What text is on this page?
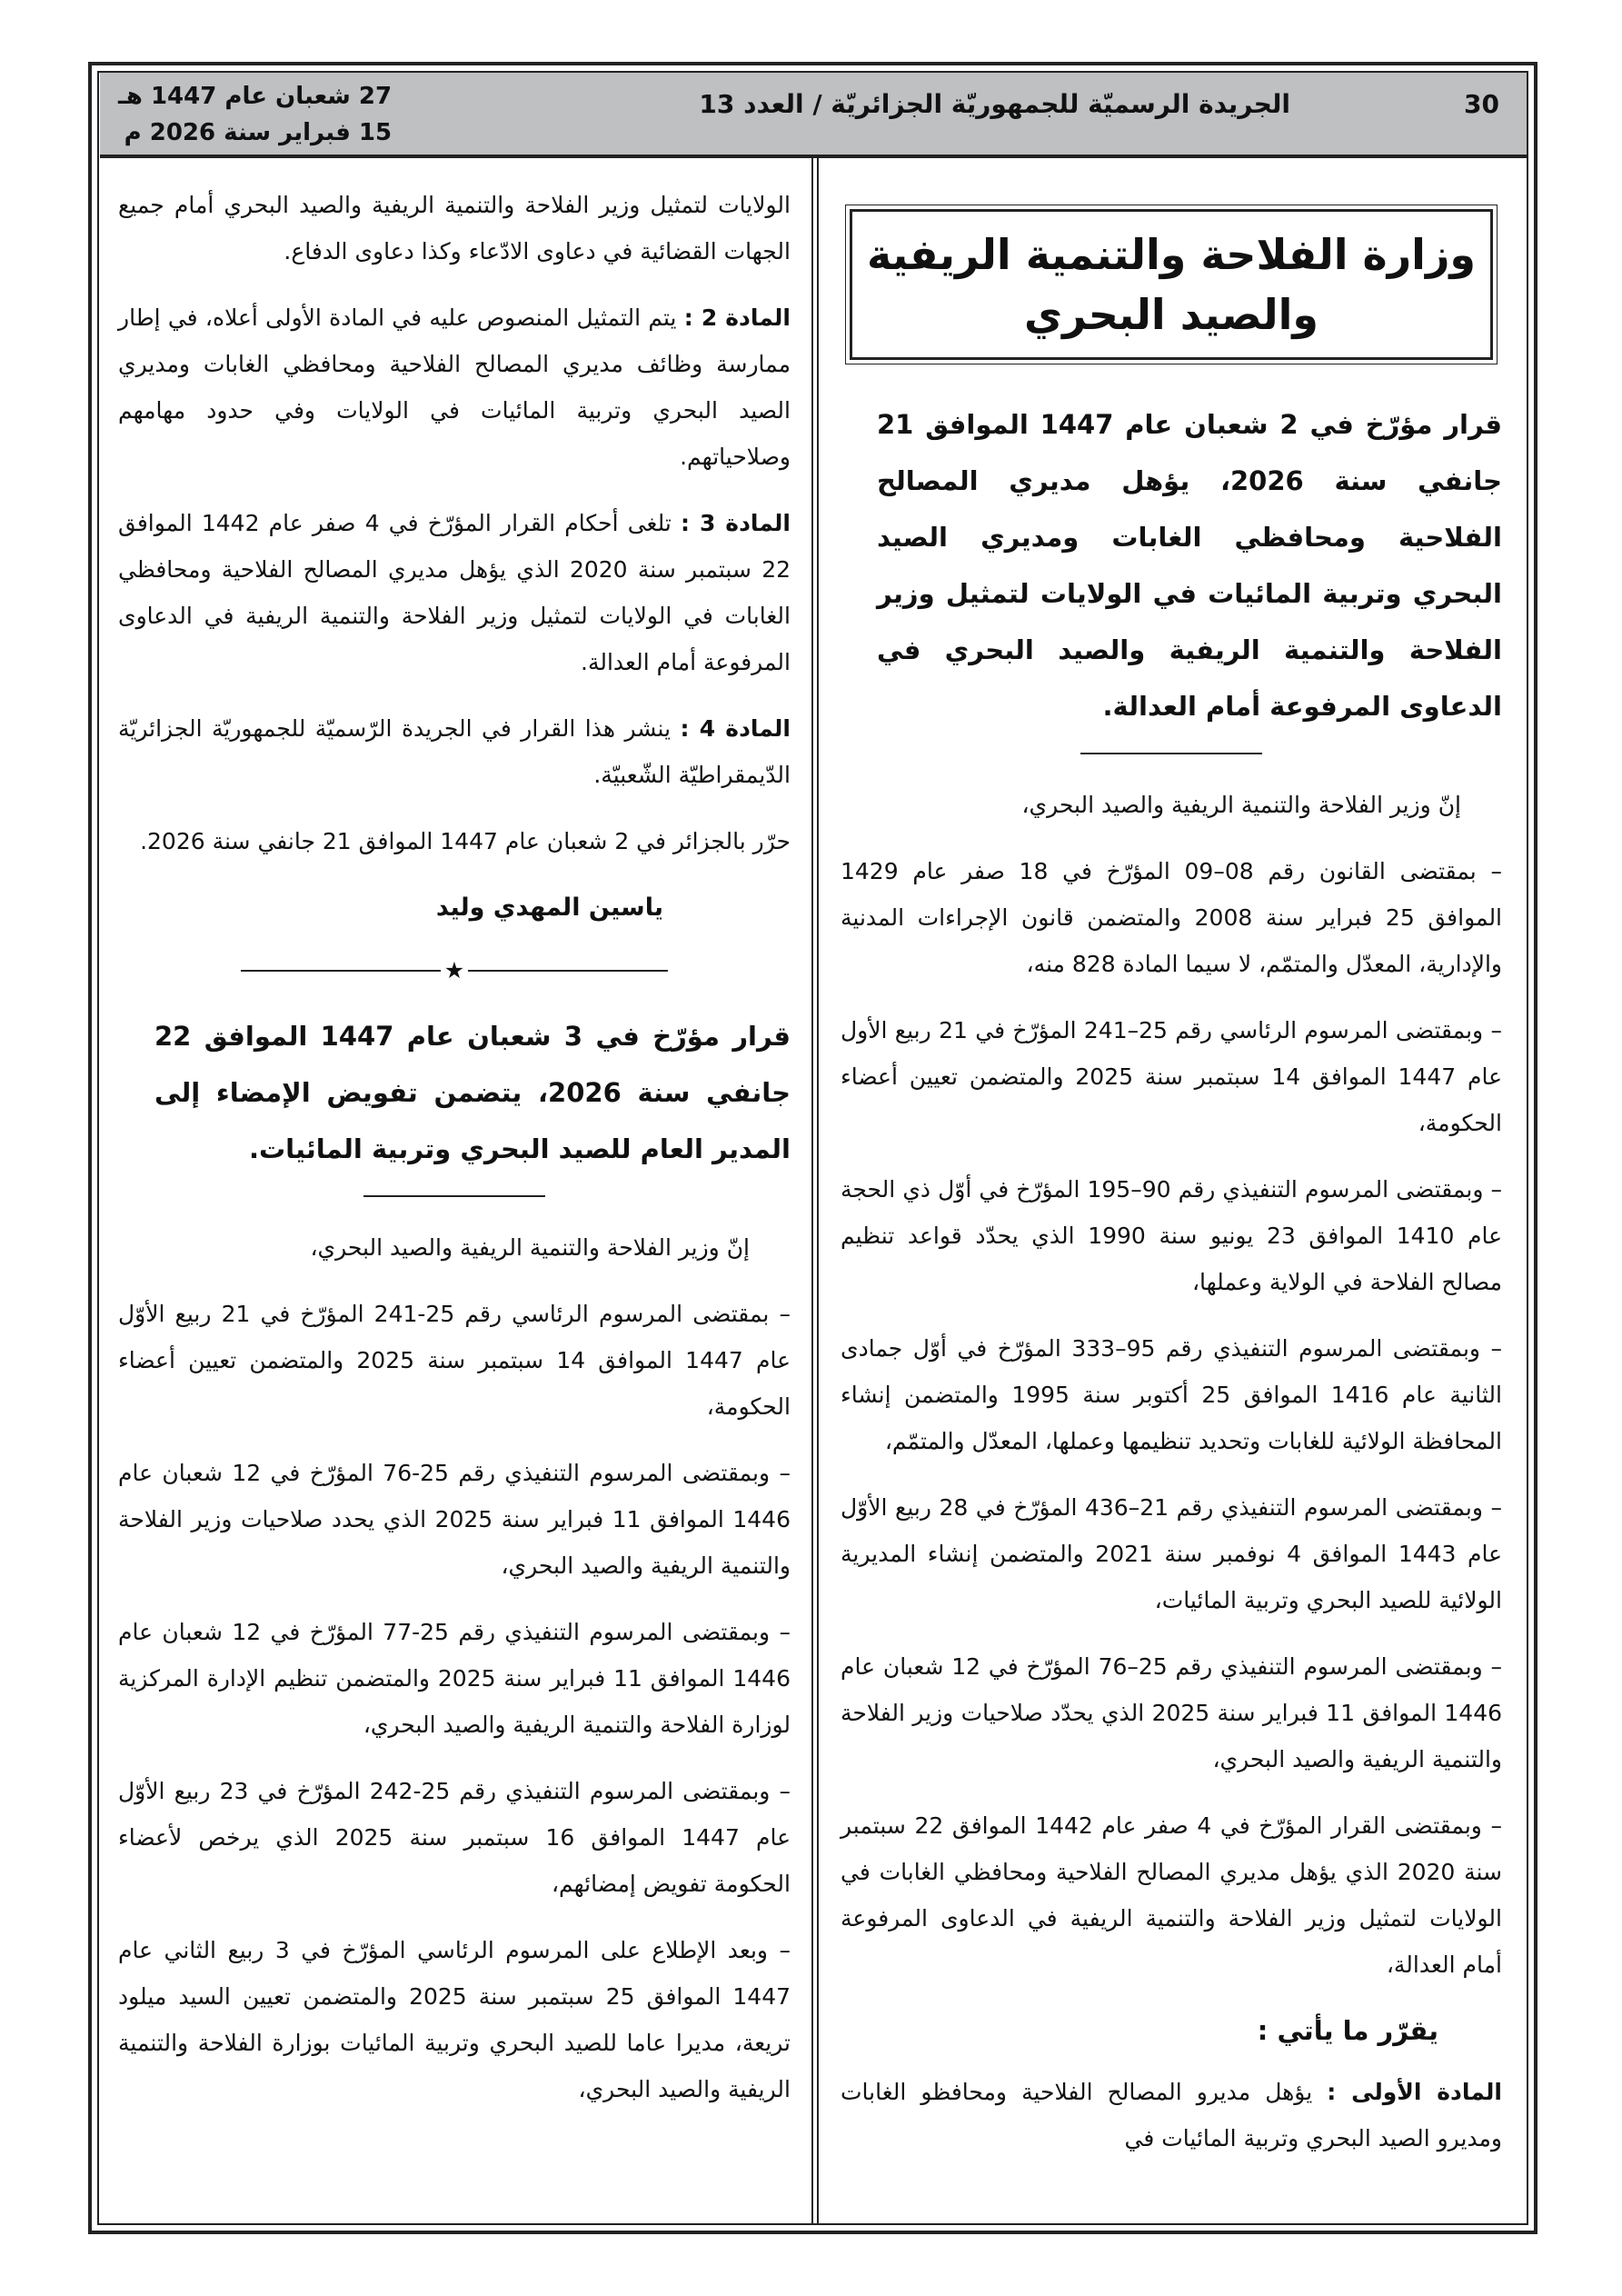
30
الجريدة الرسميّة للجمهوريّة الجزائريّة / العدد 13
27 شعبان عام 1447 هـ
15 فبراير سنة 2026 م
وزارة الفلاحة والتنمية الريفية والصيد البحري
قرار مؤرّخ في 2 شعبان عام 1447 الموافق 21 جانفي سنة 2026، يؤهل مديري المصالح الفلاحية ومحافظي الغابات ومديري الصيد البحري وتربية المائيات في الولايات لتمثيل وزير الفلاحة والتنمية الريفية والصيد البحري في الدعاوى المرفوعة أمام العدالة.

إنّ وزير الفلاحة والتنمية الريفية والصيد البحري،

– بمقتضى القانون رقم 08–09 المؤرّخ في 18 صفر عام 1429 الموافق 25 فبراير سنة 2008 والمتضمن قانون الإجراءات المدنية والإدارية، المعدّل والمتمّم، لا سيما المادة 828 منه،

– وبمقتضى المرسوم الرئاسي رقم 25–241 المؤرّخ في 21 ربيع الأول عام 1447 الموافق 14 سبتمبر سنة 2025 والمتضمن تعيين أعضاء الحكومة،

– وبمقتضى المرسوم التنفيذي رقم 90–195 المؤرّخ في أوّل ذي الحجة عام 1410 الموافق 23 يونيو سنة 1990 الذي يحدّد قواعد تنظيم مصالح الفلاحة في الولاية وعملها،

– وبمقتضى المرسوم التنفيذي رقم 95–333 المؤرّخ في أوّل جمادى الثانية عام 1416 الموافق 25 أكتوبر سنة 1995 والمتضمن إنشاء المحافظة الولائية للغابات وتحديد تنظيمها وعملها، المعدّل والمتمّم،

– وبمقتضى المرسوم التنفيذي رقم 21–436 المؤرّخ في 28 ربيع الأوّل عام 1443 الموافق 4 نوفمبر سنة 2021 والمتضمن إنشاء المديرية الولائية للصيد البحري وتربية المائيات،

– وبمقتضى المرسوم التنفيذي رقم 25–76 المؤرّخ في 12 شعبان عام 1446 الموافق 11 فبراير سنة 2025 الذي يحدّد صلاحيات وزير الفلاحة والتنمية الريفية والصيد البحري،

– وبمقتضى القرار المؤرّخ في 4 صفر عام 1442 الموافق 22 سبتمبر سنة 2020 الذي يؤهل مديري المصالح الفلاحية ومحافظي الغابات في الولايات لتمثيل وزير الفلاحة والتنمية الريفية في الدعاوى المرفوعة أمام العدالة،

يقرّر ما يأتي :

المادة الأولى : يؤهل مديرو المصالح الفلاحية ومحافظو الغابات ومديرو الصيد البحري وتربية المائيات في

الولايات لتمثيل وزير الفلاحة والتنمية الريفية والصيد البحري أمام جميع الجهات القضائية في دعاوى الادّعاء وكذا دعاوى الدفاع.

المادة 2 : يتم التمثيل المنصوص عليه في المادة الأولى أعلاه، في إطار ممارسة وظائف مديري المصالح الفلاحية ومحافظي الغابات ومديري الصيد البحري وتربية المائيات في الولايات وفي حدود مهامهم وصلاحياتهم.

المادة 3 : تلغى أحكام القرار المؤرّخ في 4 صفر عام 1442 الموافق 22 سبتمبر سنة 2020 الذي يؤهل مديري المصالح الفلاحية ومحافظي الغابات في الولايات لتمثيل وزير الفلاحة والتنمية الريفية في الدعاوى المرفوعة أمام العدالة.

المادة 4 : ينشر هذا القرار في الجريدة الرّسميّة للجمهوريّة الجزائريّة الدّيمقراطيّة الشّعبيّة.

حرّر بالجزائر في 2 شعبان عام 1447 الموافق 21 جانفي سنة 2026.

ياسين المهدي وليد
★
قرار مؤرّخ في 3 شعبان عام 1447 الموافق 22 جانفي سنة 2026، يتضمن تفويض الإمضاء إلى المدير العام للصيد البحري وتربية المائيات.

إنّ وزير الفلاحة والتنمية الريفية والصيد البحري،

– بمقتضى المرسوم الرئاسي رقم 25-241 المؤرّخ في 21 ربيع الأوّل عام 1447 الموافق 14 سبتمبر سنة 2025 والمتضمن تعيين أعضاء الحكومة،

– وبمقتضى المرسوم التنفيذي رقم 25-76 المؤرّخ في 12 شعبان عام 1446 الموافق 11 فبراير سنة 2025 الذي يحدد صلاحيات وزير الفلاحة والتنمية الريفية والصيد البحري،

– وبمقتضى المرسوم التنفيذي رقم 25-77 المؤرّخ في 12 شعبان عام 1446 الموافق 11 فبراير سنة 2025 والمتضمن تنظيم الإدارة المركزية لوزارة الفلاحة والتنمية الريفية والصيد البحري،

– وبمقتضى المرسوم التنفيذي رقم 25-242 المؤرّخ في 23 ربيع الأوّل عام 1447 الموافق 16 سبتمبر سنة 2025 الذي يرخص لأعضاء الحكومة تفويض إمضائهم،

– وبعد الإطلاع على المرسوم الرئاسي المؤرّخ في 3 ربيع الثاني عام 1447 الموافق 25 سبتمبر سنة 2025 والمتضمن تعيين السيد ميلود تريعة، مديرا عاما للصيد البحري وتربية المائيات بوزارة الفلاحة والتنمية الريفية والصيد البحري،
